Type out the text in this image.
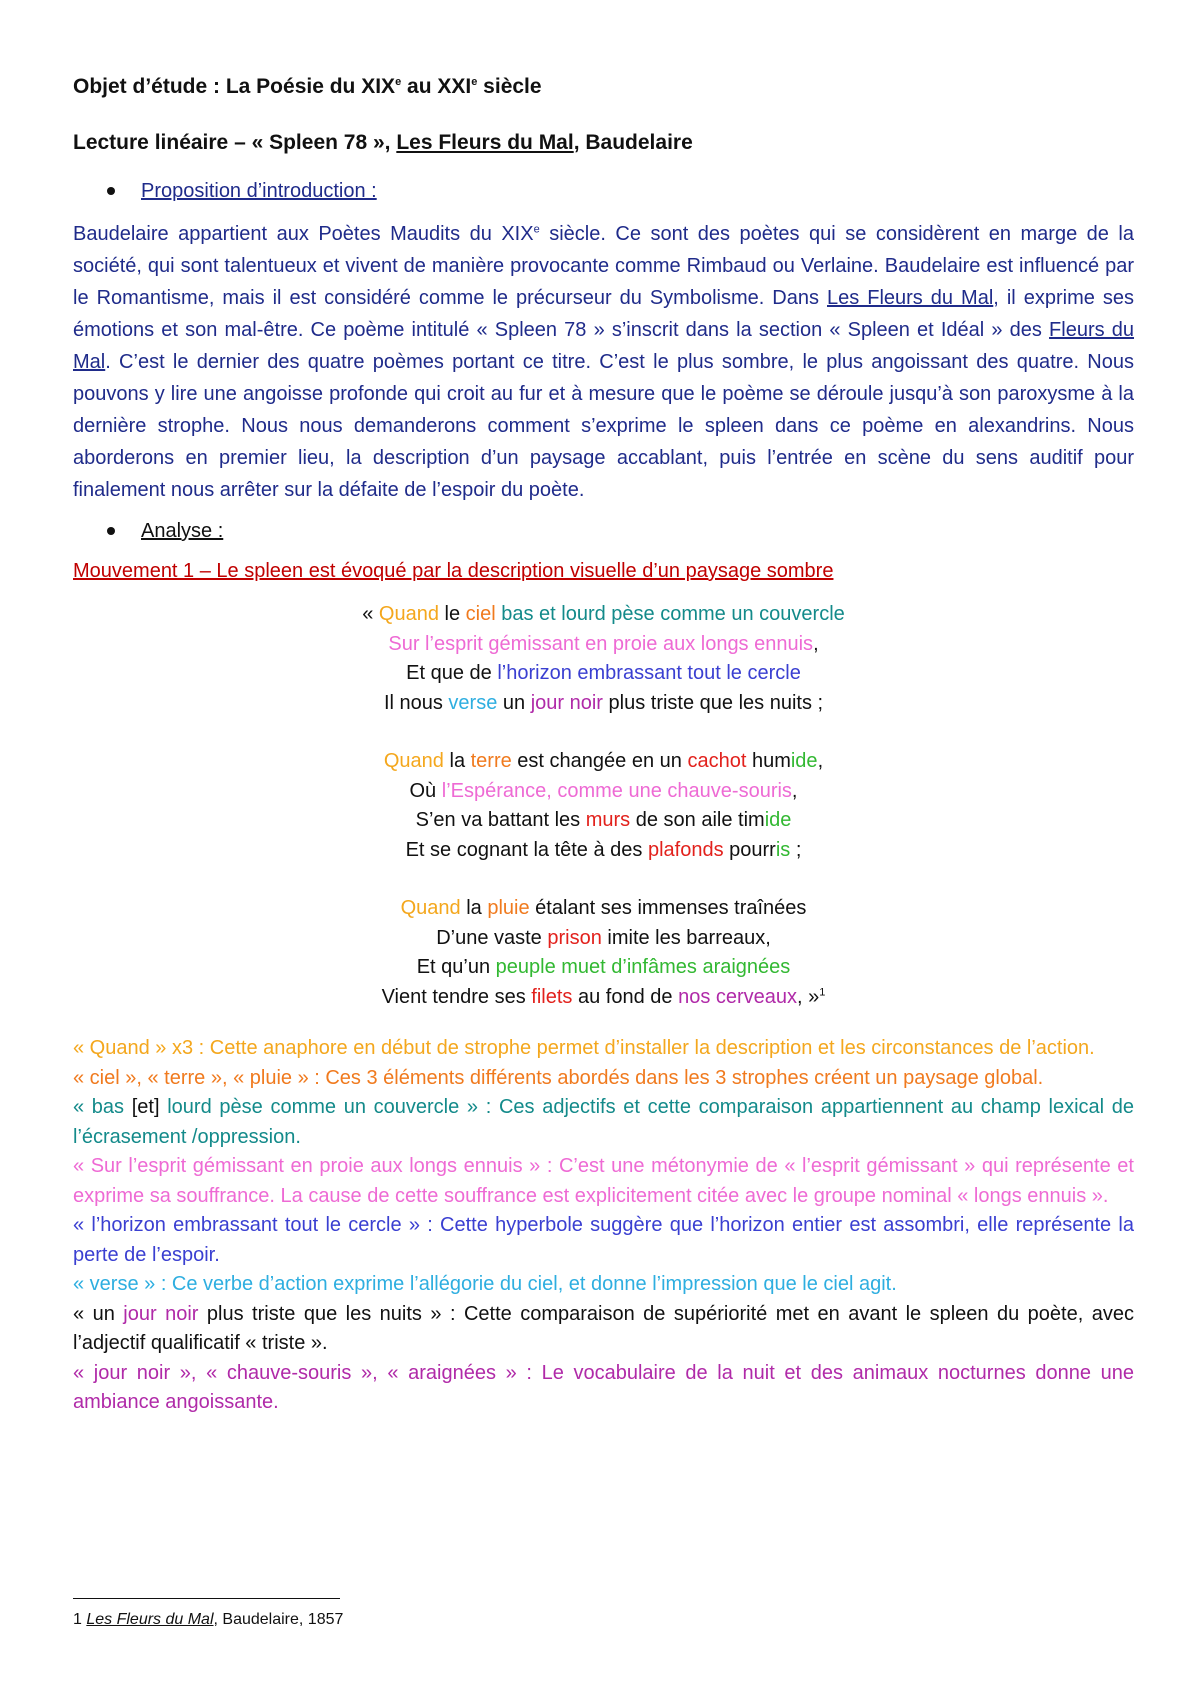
Objet d’étude : La Poésie du XIXe au XXIe siècle
Lecture linéaire – « Spleen 78 », Les Fleurs du Mal, Baudelaire
Proposition d’introduction :
Baudelaire appartient aux Poètes Maudits du XIXe siècle. Ce sont des poètes qui se considèrent en marge de la société, qui sont talentueux et vivent de manière provocante comme Rimbaud ou Verlaine. Baudelaire est influencé par le Romantisme, mais il est considéré comme le précurseur du Symbolisme. Dans Les Fleurs du Mal, il exprime ses émotions et son mal-être. Ce poème intitulé « Spleen 78 » s’inscrit dans la section « Spleen et Idéal » des Fleurs du Mal. C’est le dernier des quatre poèmes portant ce titre. C’est le plus sombre, le plus angoissant des quatre. Nous pouvons y lire une angoisse profonde qui croit au fur et à mesure que le poème se déroule jusqu’à son paroxysme à la dernière strophe. Nous nous demanderons comment s’exprime le spleen dans ce poème en alexandrins. Nous aborderons en premier lieu, la description d’un paysage accablant, puis l’entrée en scène du sens auditif pour finalement nous arrêter sur la défaite de l’espoir du poète.
Analyse :
Mouvement 1 – Le spleen est évoqué par la description visuelle d’un paysage sombre
« Quand le ciel bas et lourd pèse comme un couvercle
Sur l’esprit gémissant en proie aux longs ennuis,
Et que de l’horizon embrassant tout le cercle
Il nous verse un jour noir plus triste que les nuits ;
Quand la terre est changée en un cachot humide,
Où l’Espérance, comme une chauve-souris,
S’en va battant les murs de son aile timide
Et se cognant la tête à des plafonds pourris ;
Quand la pluie étalant ses immenses traînées
D’une vaste prison imite les barreaux,
Et qu’un peuple muet d’infâmes araignées
Vient tendre ses filets au fond de nos cerveaux, »$^1$

« Quand » x3 : Cette anaphore en début de strophe permet d’installer la description et les circonstances de l’action.

« ciel », « terre », « pluie » : Ces 3 éléments différents abordés dans les 3 strophes créent un paysage global.

« bas [et] lourd pèse comme un couvercle » : Ces adjectifs et cette comparaison appartiennent au champ lexical de l’écrasement /oppression.

« Sur l’esprit gémissant en proie aux longs ennuis » : C’est une métonymie de « l’esprit gémissant » qui représente et exprime sa souffrance. La cause de cette souffrance est explicitement citée avec le groupe nominal « longs ennuis ».

« l’horizon embrassant tout le cercle » : Cette hyperbole suggère que l’horizon entier est assombri, elle représente la perte de l’espoir.

« verse » : Ce verbe d’action exprime l’allégorie du ciel, et donne l’impression que le ciel agit.

« un jour noir plus triste que les nuits » : Cette comparaison de supériorité met en avant le spleen du poète, avec l’adjectif qualificatif « triste ».

« jour noir », « chauve-souris », « araignées » : Le vocabulaire de la nuit et des animaux nocturnes donne une ambiance angoissante.

1 Les Fleurs du Mal, Baudelaire, 1857
